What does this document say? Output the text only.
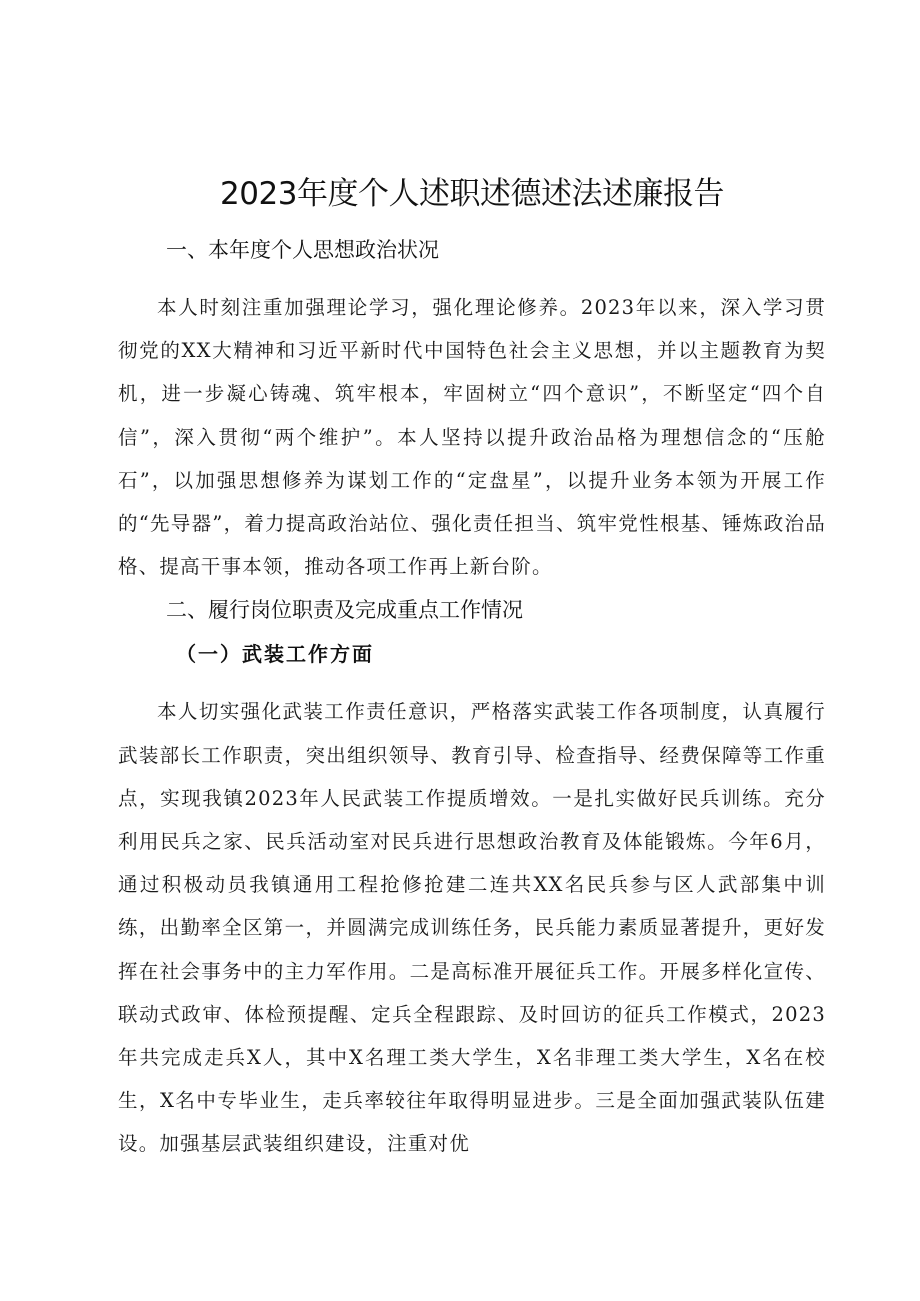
2023年度个人述职述德述法述廉报告
一、本年度个人思想政治状况

本人时刻注重加强理论学习，强化理论修养。2023年以来，深入学习贯彻党的XX大精神和习近平新时代中国特色社会主义思想，并以主题教育为契机，进一步凝心铸魂、筑牢根本，牢固树立“四个意识”，不断坚定“四个自信”，深入贯彻“两个维护”。本人坚持以提升政治品格为理想信念的“压舱石”，以加强思想修养为谋划工作的“定盘星”，以提升业务本领为开展工作的“先导器”，着力提高政治站位、强化责任担当、筑牢党性根基、锤炼政治品格、提高干事本领，推动各项工作再上新台阶。

二、履行岗位职责及完成重点工作情况
（一）武装工作方面

本人切实强化武装工作责任意识，严格落实武装工作各项制度，认真履行武装部长工作职责，突出组织领导、教育引导、检查指导、经费保障等工作重点，实现我镇2023年人民武装工作提质增效。一是扎实做好民兵训练。充分利用民兵之家、民兵活动室对民兵进行思想政治教育及体能锻炼。今年6月，通过积极动员我镇通用工程抢修抢建二连共XX名民兵参与区人武部集中训练，出勤率全区第一，并圆满完成训练任务，民兵能力素质显著提升，更好发挥在社会事务中的主力军作用。二是高标准开展征兵工作。开展多样化宣传、联动式政审、体检预提醒、定兵全程跟踪、及时回访的征兵工作模式，2023年共完成走兵X人，其中X名理工类大学生，X名非理工类大学生，X名在校生，X名中专毕业生，走兵率较往年取得明显进步。三是全面加强武装队伍建设。加强基层武装组织建设，注重对优
